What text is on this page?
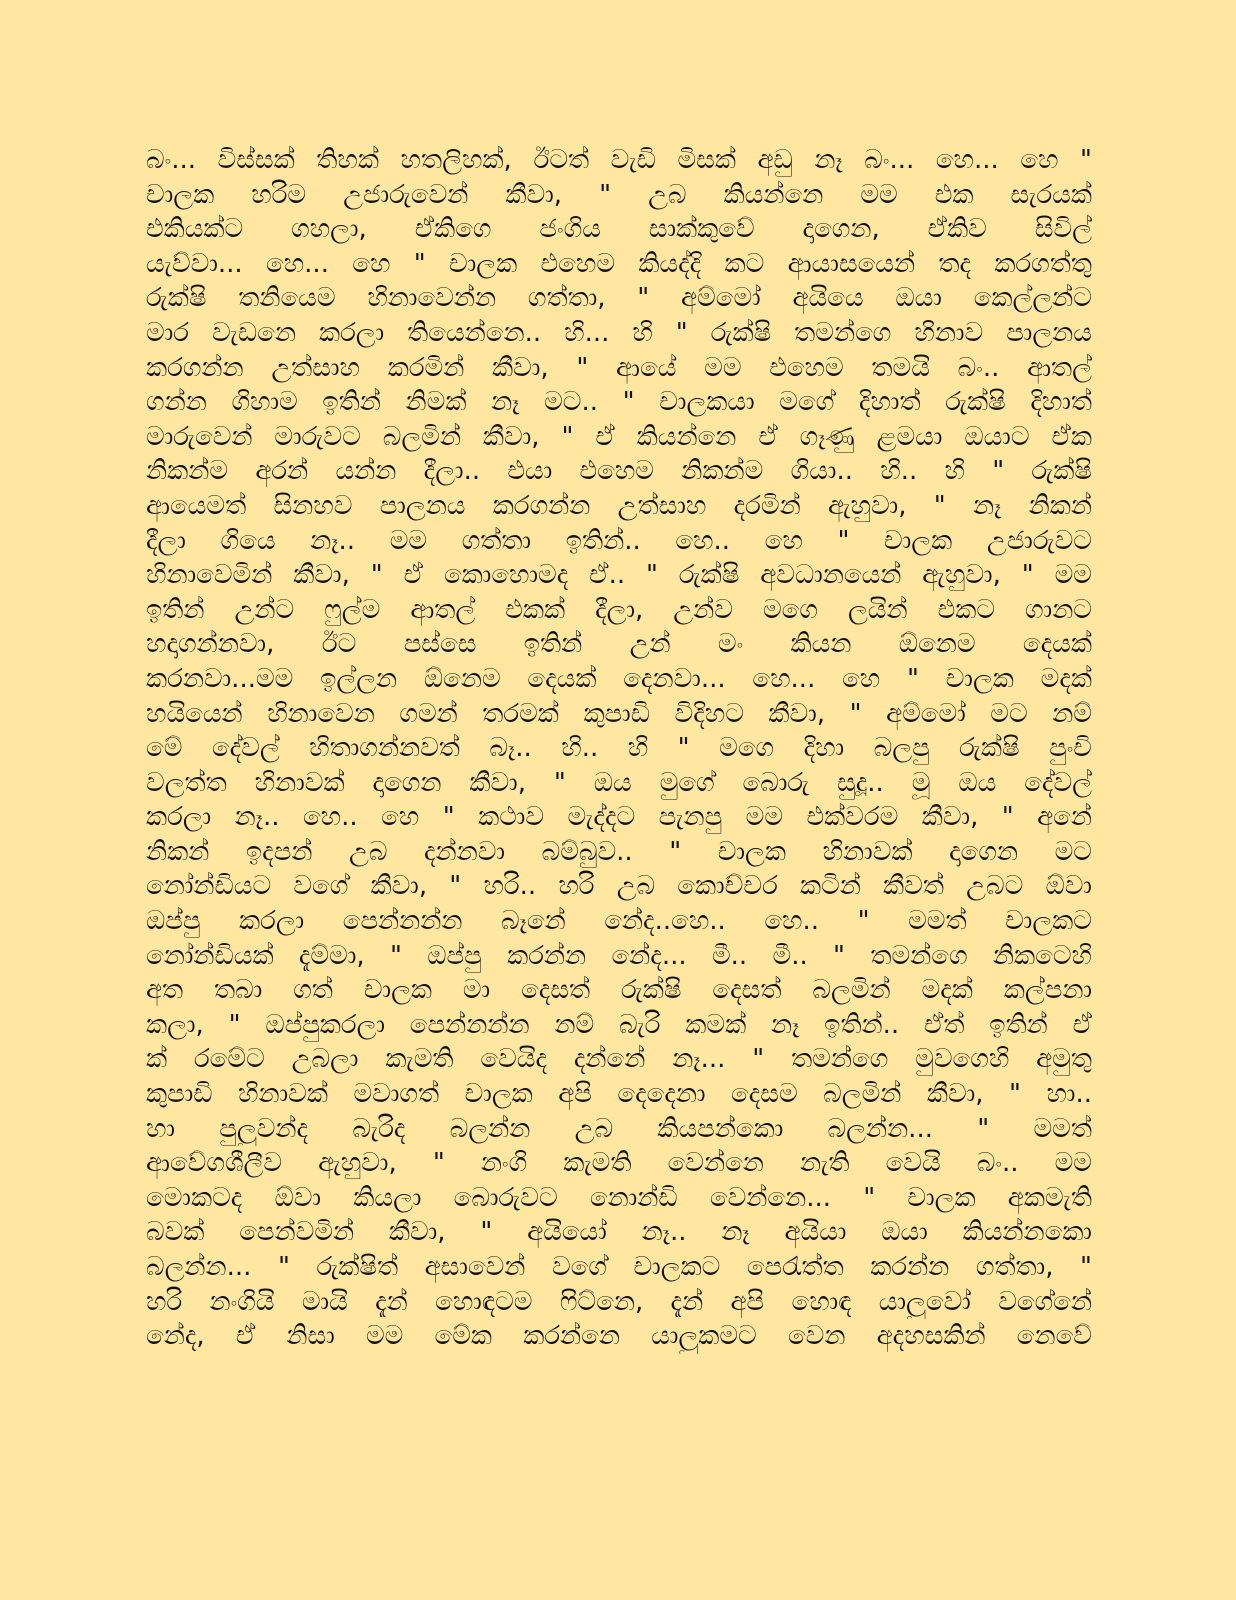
බං... විස්සක් තිහක් හතලිහක්, ඊටත් වැඩි මිසක් අඩු නෑ බං... හෙ... හෙ "
චාලක හරිම උජාරුවෙන් කීවා, " උබ කියන්නෙ මම එක සැරයක්
එකියක්ට ගහලා, ඒකිගෙ ජංගිය සාක්කුවේ දාගෙන, ඒකිව සිවිල්
යැව්වා... හෙ... හෙ " චාලක එහෙම කියද්දි කට ආයාසයෙන් තද කරගත්තු
රුක්ෂි තනියෙම හිනාවෙන්න ගත්තා, " අම්මෝ අයියෙ ඔයා කෙල්ලන්ට
මාර වැඩනෙ කරලා තියෙන්නෙ.. හි... හි " රුක්ෂි තමන්ගෙ හිනාව පාලනය
කරගන්න උත්සාහ කරමින් කීවා, " ආයේ මම එහෙම තමයි බං.. ආතල්
ගන්න ගිහාම ඉතින් නිමක් නෑ මට.. " චාලකයා මගේ දිහාත් රුක්ෂි දිහාත්
මාරුවෙන් මාරුවට බලමින් කීවා, " ඒ කියන්නෙ ඒ ගෑණු ළමයා ඔයාට ඒක
නිකන්ම අරන් යන්න දීලා.. එයා එහෙම නිකන්ම ගියා.. හි.. හි " රුක්ෂි
ආයෙමත් සිනහව පාලනය කරගන්න උත්සාහ දරමින් ඇහුවා, " නෑ නිකන්
දීලා ගියෙ නෑ.. මම ගත්තා ඉතින්.. හෙ.. හෙ " චාලක උජාරුවට
හිනාවෙමින් කීවා, " ඒ කොහොමද ඒ.. " රුක්ෂි අවධානයෙන් ඇහුවා, " මම
ඉතින් උන්ට ෆුල්ම ආතල් එකක් දීලා, උන්ව මගෙ ලයින් එකට ගානට
හදාගන්නවා, ඊට පස්සෙ ඉතින් උන් මං කියන ඕනෙම දෙයක්
කරනවා...මම ඉල්ලන ඕනෙම දෙයක් දෙනවා... හෙ... හෙ " චාලක මදක්
හයියෙන් හිනාවෙන ගමන් තරමක් කුපාඩි විදිහට කීවා, " අම්මෝ මට නම්
මේ දේවල් හිතාගන්නවත් බෑ.. හි.. හි " මගෙ දිහා බලපු රුක්ෂි පුංචි
වලත්ත හිනාවක් දාගෙන කීවා, " ඔය මුගේ බොරු සුදූ.. මූ ඔය දේවල්
කරලා නෑ.. හෙ.. හෙ " කථාව මැද්දට පැනපු මම එක්වරම කීවා, " අනේ
නිකන් ඉදපන් උබ දන්නවා බම්බුව.. " චාලක හිනාවක් දාගෙන මට
නෝන්ඩියට වගේ කීවා, " හරි.. හරි උබ කොච්චර කටින් කීවත් උබට ඕවා
ඔප්පු කරලා පෙන්නන්න බෑනේ නේද..හෙ.. හෙ.. " මමත් චාලකට
නෝන්ඩියක් දැම්මා, " ඔප්පු කරන්න නේද... මී.. මී.. " තමන්ගෙ නිකටෙහි
අත තබා ගත් චාලක මා දෙසත් රුක්ෂි දෙසත් බලමින් මදක් කල්පනා
කලා, " ඔප්පුකරලා පෙන්නන්න නම් බැරි කමක් නෑ ඉතින්.. ඒත් ඉතින් ඒ
ක් රමේට උබලා කැමති වෙයිද දන්නේ නෑ... " තමන්ගෙ මුවගෙහි අමුතු
කුපාඩි හිනාවක් මවාගත් චාලක අපි දෙදෙනා දෙසම බලමින් කීවා, " හා..
හා පුලුවන්ද බැරිද බලන්න උබ කියපන්කො බලන්න... " මමත්
ආවේගශීලීව ඇහුවා, " නංගි කැමති වෙන්නෙ නැති වෙයි බං.. මම
මොකටද ඕවා කියලා බොරුවට නොන්ඩි වෙන්නෙ... " චාලක අකමැති
බවක් පෙන්වමින් කීවා, " අයියෝ නෑ.. නෑ අයියා ඔයා කියන්නකො
බලන්න... " රුක්ෂිත් අසාවෙන් වගේ චාලකට පෙරැත්ත කරන්න ගත්තා, "
හරි නංගියි මායි දැන් හොඳටම ෆිට්නෙ, දැන් අපි හොඳ යාලුවෝ වගේනේ
නේද, ඒ නිසා මම මේක කරන්නෙ යාලුකමට වෙන අදහසකින් නෙවේ
